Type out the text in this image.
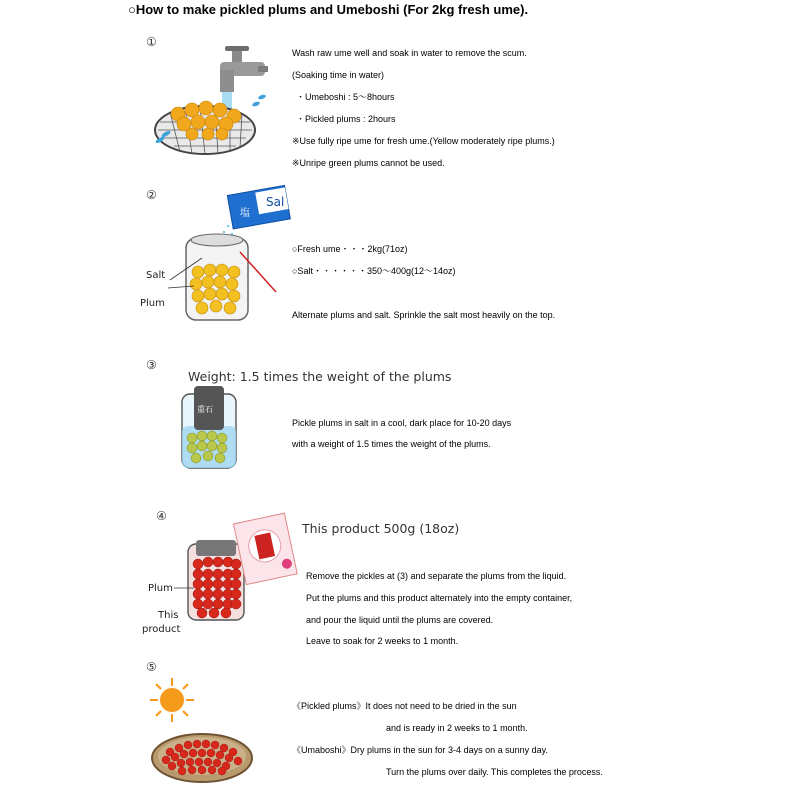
○How to make pickled plums and Umeboshi (For 2kg fresh ume).
①
Wash raw ume well and soak in water to remove the scum.
(Soaking time in water)
・Umeboshi : 5〜8hours
・Pickled plums : 2hours
※Use fully ripe ume for fresh ume.(Yellow moderately ripe plums.)
※Unripe green plums cannot be used.
②	Sal
塩
Salt
Plum
○Fresh ume・・・2kg(71oz)
○Salt・・・・・・350〜400g(12〜14oz)
Alternate plums and salt. Sprinkle the salt most heavily on the top.
③
Weight: 1.5 times the weight of the plums
重石
Pickle plums in salt in a cool, dark place for 10-20 days
with a weight of 1.5 times the weight of the plums.
④
This product 500g (18oz)
Plum
This
product
Remove the pickles at (3) and separate the plums from the liquid.
Put the plums and this product alternately into the empty container,
and pour the liquid until the plums are covered.
Leave to soak for 2 weeks to 1 month.
⑤
《Pickled plums》It does not need to be dried in the sun
and is ready in 2 weeks to 1 month.
《Umaboshi》Dry plums in the sun for 3-4 days on a sunny day.
Turn the plums over daily. This completes the process.
